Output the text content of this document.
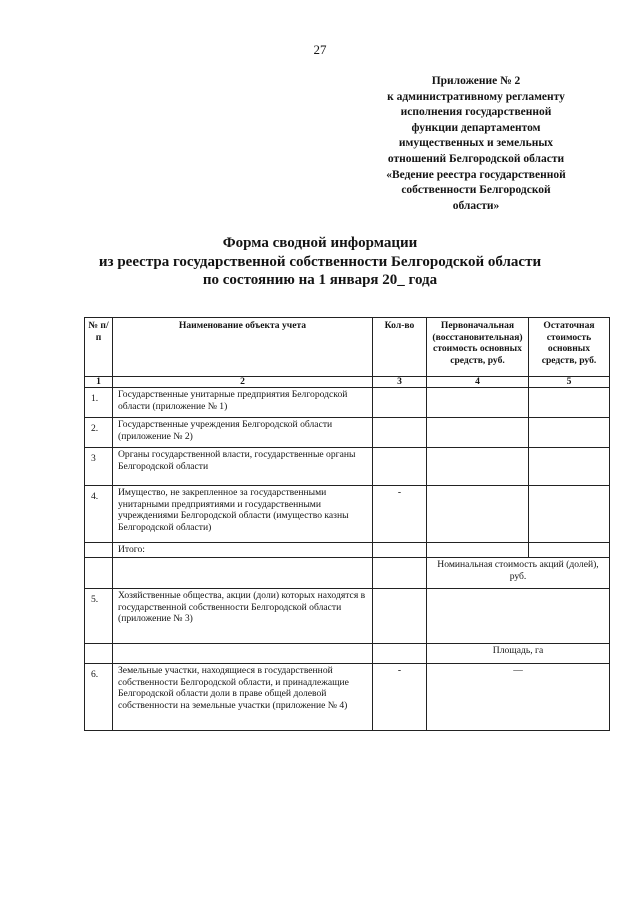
27
Приложение № 2
к административному регламенту
исполнения государственной
функции департаментом
имущественных и земельных
отношений Белгородской области
«Ведение реестра государственной
собственности Белгородской
области»
Форма сводной информации
из реестра государственной собственности Белгородской области
по состоянию на 1 января 20_ года
№ п/п	Наименование объекта учета	Кол-во	Первоначальная (восстановительная) стоимость основных средств, руб.	Остаточная стоимость основных средств, руб.
1	2	3	4	5
1.	Государственные унитарные предприятия Белгородской области (приложение № 1)			
2.	Государственные учреждения Белгородской области (приложение № 2)			
3	Органы государственной власти, государственные органы Белгородской области			
4.	Имущество, не закрепленное за государственными унитарными предприятиями и государственными учреждениями Белгородской области (имущество казны Белгородской области)	-		
	Итого:			
			Номинальная стоимость акций (долей), руб.	
5.	Хозяйственные общества, акции (доли) которых находятся в государственной собственности Белгородской области (приложение № 3)			
			Площадь, га	
6.	Земельные участки, находящиеся в государственной собственности Белгородской области, и принадлежащие Белгородской области доли в праве общей долевой собственности на земельные участки (приложение № 4)	-	—	
